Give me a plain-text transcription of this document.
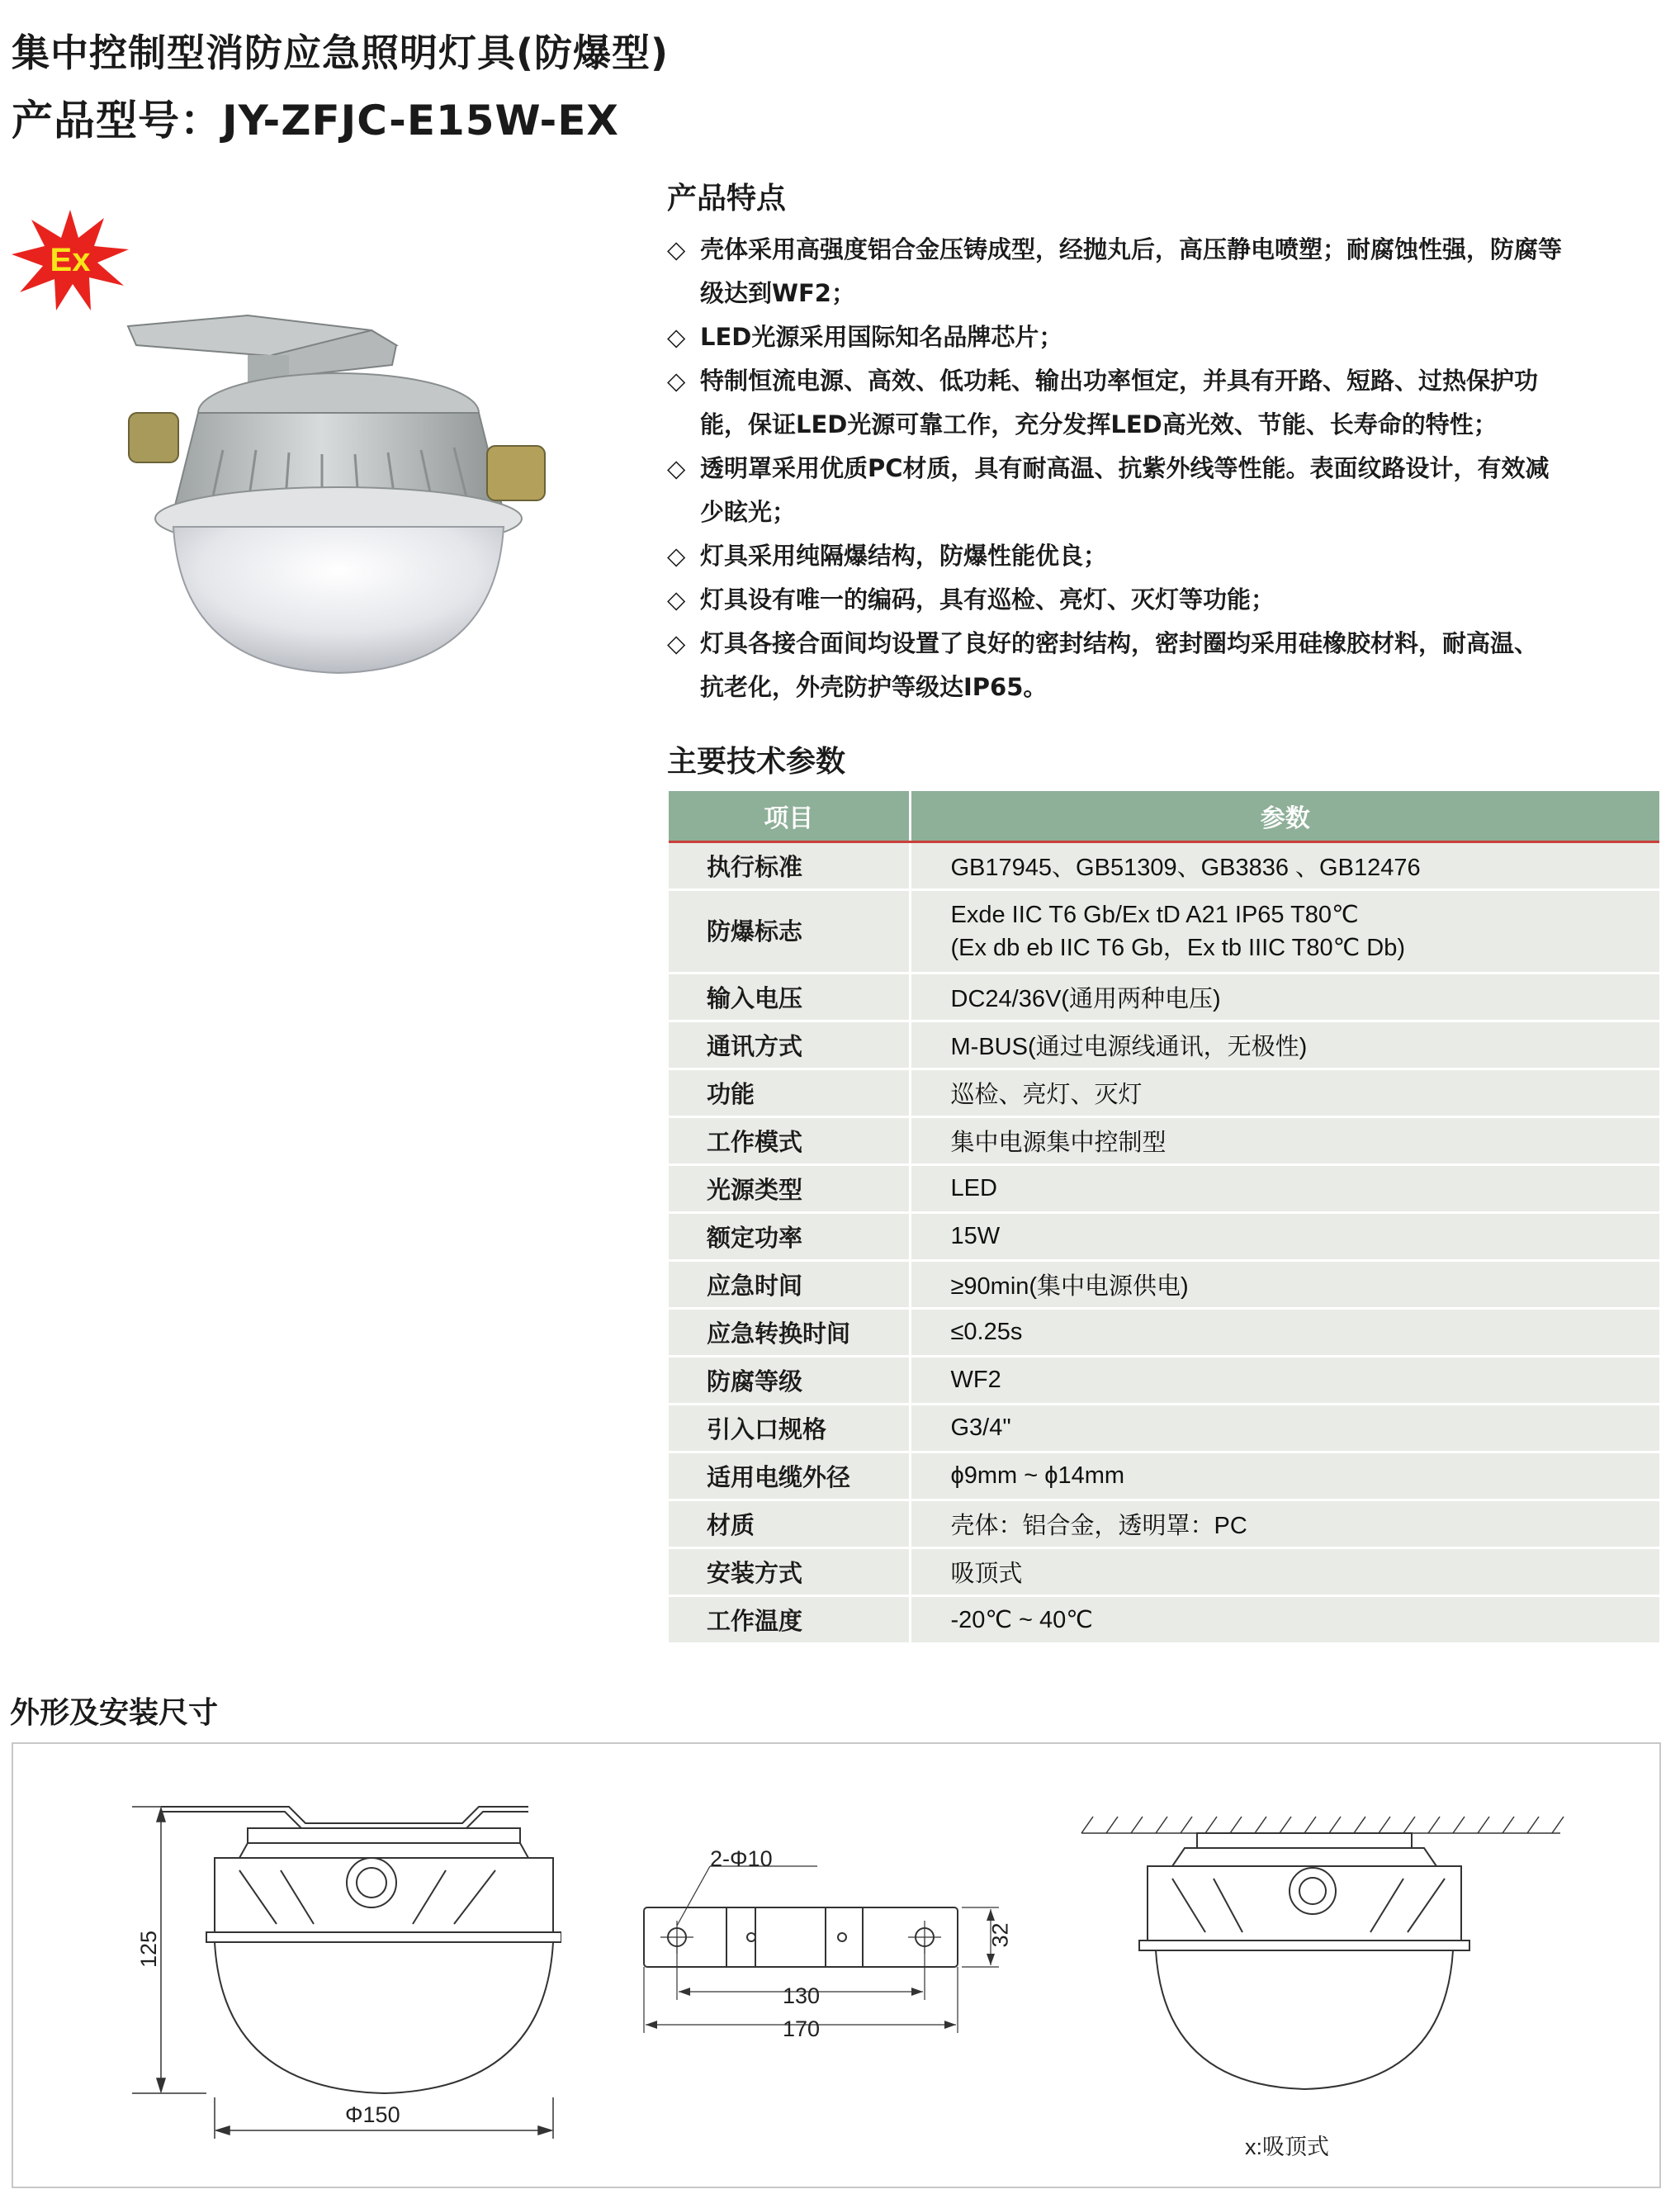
集中控制型消防应急照明灯具(防爆型)
产品型号：JY-ZFJC-E15W-EX
Ex
产品特点
◇ 壳体采用高强度铝合金压铸成型，经抛丸后，高压静电喷塑；耐腐蚀性强，防腐等
级达到WF2；
◇ LED光源采用国际知名品牌芯片；
◇ 特制恒流电源、高效、低功耗、输出功率恒定，并具有开路、短路、过热保护功
能，保证LED光源可靠工作，充分发挥LED高光效、节能、长寿命的特性；
◇ 透明罩采用优质PC材质，具有耐高温、抗紫外线等性能。表面纹路设计，有效减
少眩光；
◇ 灯具采用纯隔爆结构，防爆性能优良；
◇ 灯具设有唯一的编码，具有巡检、亮灯、灭灯等功能；
◇ 灯具各接合面间均设置了良好的密封结构，密封圈均采用硅橡胶材料，耐高温、
抗老化，外壳防护等级达IP65。
主要技术参数
项目	参数
执行标准	GB17945、GB51309、GB3836 、GB12476

防爆标志	Exde IIC T6 Gb/Ex tD A21 IP65 T80℃
(Ex db eb IIC T6 Gb，Ex tb IIIC T80℃ Db)

输入电压	DC24/36V(通用两种电压)

通讯方式	M-BUS(通过电源线通讯，无极性)

功能	巡检、亮灯、灭灯

工作模式	集中电源集中控制型

光源类型	LED

额定功率	15W

应急时间	≥90min(集中电源供电)

应急转换时间	≤0.25s

防腐等级	WF2

引入口规格	G3/4"

适用电缆外径	ϕ9mm ~ ϕ14mm

材质	壳体：铝合金，透明罩：PC

安装方式	吸顶式

工作温度	-20℃ ~ 40℃
外形及安装尺寸
125
Φ150
2-Φ10
130
170
32
x:吸顶式
